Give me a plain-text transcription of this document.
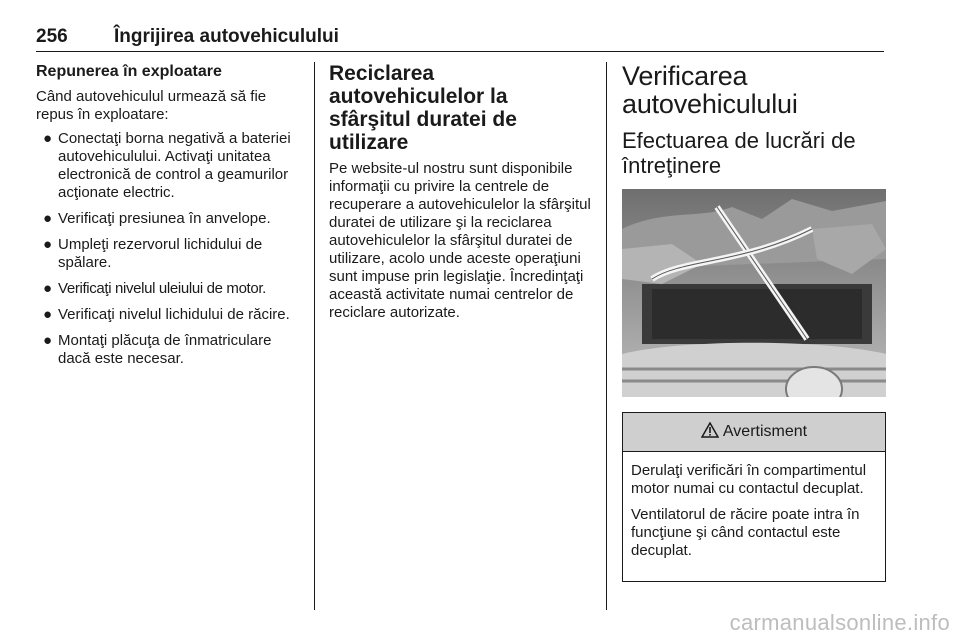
256 Îngrijirea autovehiculului
Repunerea în exploatare
Când autovehiculul urmează să fie repus în exploatare:
● Conectaţi borna negativă a bateriei autovehiculului. Activaţi unitatea electronică de control a geamurilor acţionate electric.
● Verificaţi presiunea în anvelope.
● Umpleţi rezervorul lichidului de spălare.
● Verificaţi nivelul uleiului de motor.
● Verificaţi nivelul lichidului de răcire.
● Montaţi plăcuţa de înmatriculare dacă este necesar.
Reciclarea autovehiculelor la sfârşitul duratei de utilizare
Pe website-ul nostru sunt disponibile informaţii cu privire la centrele de recuperare a autovehiculelor la sfârşitul duratei de utilizare şi la reciclarea autovehiculelor la sfârşitul duratei de utilizare, acolo unde aceste operaţiuni sunt impuse prin legislaţie. Încredinţaţi această activitate numai centrelor de reciclare autorizate.
Verificarea autovehiculului
Efectuarea de lucrări de întreţinere
Avertisment
Derulaţi verificări în compartimentul motor numai cu contactul decuplat.
Ventilatorul de răcire poate intra în funcţiune şi când contactul este decuplat.
carmanualsonline.info
